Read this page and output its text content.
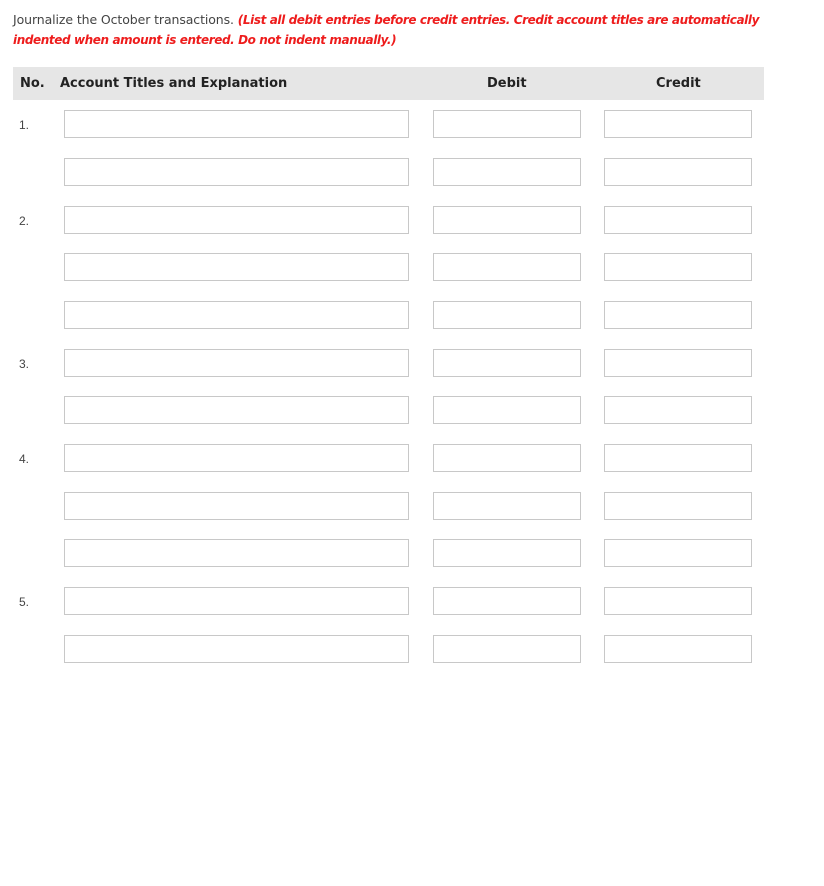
Journalize the October transactions. (List all debit entries before credit entries. Credit account titles are automatically indented when amount is entered. Do not indent manually.)
No. Account Titles and Explanation	Debit	Credit
1.
2.
3.
4.
5.
